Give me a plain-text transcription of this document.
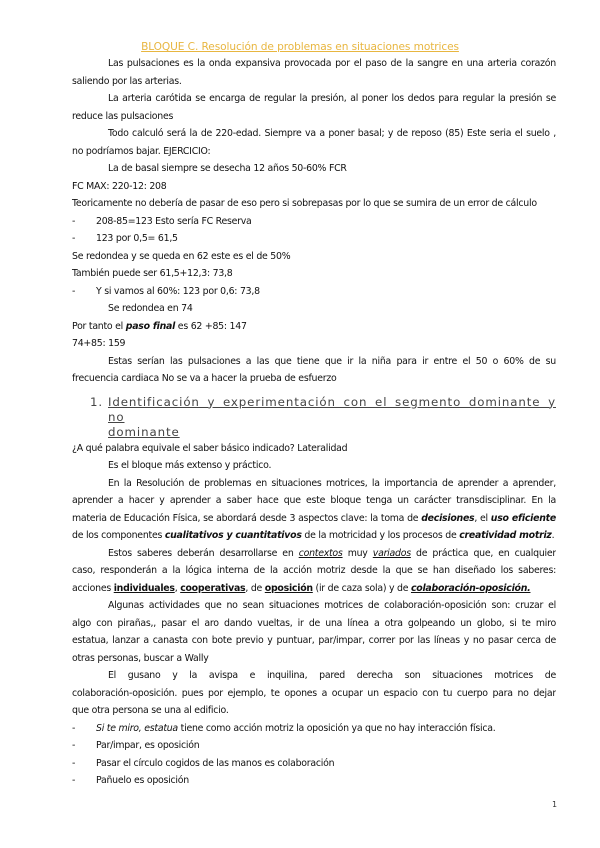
BLOQUE C. Resolución de problemas en situaciones motrices
Las pulsaciones es la onda expansiva provocada por el paso de la sangre en una arteria corazón
saliendo por las arterias.
La arteria carótida se encarga de regular la presión, al poner los dedos para regular la presión se
reduce las pulsaciones
Todo calculó será la de 220-edad. Siempre va a poner basal; y de reposo (85) Este seria el suelo ,
no podríamos bajar. EJERCICIO:
La de basal siempre se desecha 12 años 50-60% FCR
FC MAX: 220-12: 208
Teoricamente no debería de pasar de eso pero si sobrepasas por lo que se sumira de un error de cálculo
- 208-85=123 Esto sería FC Reserva
- 123 por 0,5= 61,5
Se redondea y se queda en 62 este es el de 50%
También puede ser 61,5+12,3: 73,8
- Y si vamos al 60%: 123 por 0,6: 73,8
Se redondea en 74
Por tanto el paso final es 62 +85: 147
74+85: 159
Estas serían las pulsaciones a las que tiene que ir la niña para ir entre el 50 o 60% de su
frecuencia cardiaca No se va a hacer la prueba de esfuerzo
1. Identificación y experimentación con el segmento dominante y no
dominante
¿A qué palabra equivale el saber básico indicado? Lateralidad
Es el bloque más extenso y práctico.
En la Resolución de problemas en situaciones motrices, la importancia de aprender a aprender,
aprender a hacer y aprender a saber hace que este bloque tenga un carácter transdisciplinar. En la
materia de Educación Física, se abordará desde 3 aspectos clave: la toma de decisiones, el uso eficiente
de los componentes cualitativos y cuantitativos de la motricidad y los procesos de creatividad motriz.
Estos saberes deberán desarrollarse en contextos muy variados de práctica que, en cualquier
caso, responderán a la lógica interna de la acción motriz desde la que se han diseñado los saberes:
acciones individuales, cooperativas, de oposición (ir de caza sola) y de colaboración-oposición.
Algunas actividades que no sean situaciones motrices de colaboración-oposición son: cruzar el
algo con pirañas,, pasar el aro dando vueltas, ir de una línea a otra golpeando un globo, si te miro
estatua, lanzar a canasta con bote previo y puntuar, par/impar, correr por las líneas y no pasar cerca de
otras personas, buscar a Wally
El gusano y la avispa e inquilina, pared derecha son situaciones motrices de
colaboración-oposición. pues por ejemplo, te opones a ocupar un espacio con tu cuerpo para no dejar
que otra persona se una al edificio.
- Si te miro, estatua tiene como acción motriz la oposición ya que no hay interacción física.
- Par/impar, es oposición
- Pasar el círculo cogidos de las manos es colaboración
- Pañuelo es oposición
1
